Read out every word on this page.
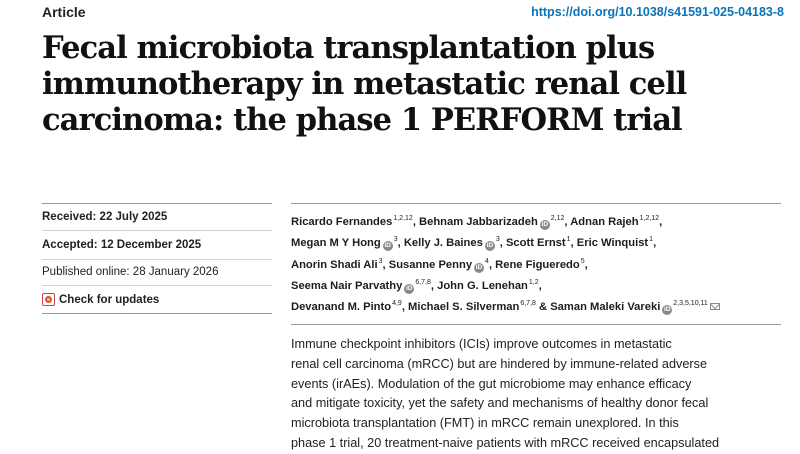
Article	https://doi.org/10.1038/s41591-025-04183-8
Fecal microbiota transplantation plus
immunotherapy in metastatic renal cell
carcinoma: the phase 1 PERFORM trial
Received: 22 July 2025
Accepted: 12 December 2025
Published online: 28 January 2026
Check for updates

Ricardo Fernandes$^{1,2,12}$, Behnam Jabbarizadeh iD$^{2,12}$, Adnan Rajeh$^{1,2,12}$,
Megan M Y Hong $iD^3$, Kelly J. Baines $iD^3$, Scott Ernst$^1$, Eric Winquist$^1$,
Anorin Shadi Ali$^3$, Susanne Penny $iD^4$, Rene Figueredo$^5$,
Seema Nair Parvathy iD$^{6,7,8}$, John G. Lenehan$^{1,2}$,
Devanand M. Pinto$^{4,9}$, Michael S. Silverman$^{6,7,8}$ & Saman Maleki Vareki iD$^{2,3,5,10,11}$

Immune checkpoint inhibitors (ICIs) improve outcomes in metastatic
renal cell carcinoma (mRCC) but are hindered by immune-related adverse
events (irAEs). Modulation of the gut microbiome may enhance efficacy
and mitigate toxicity, yet the safety and mechanisms of healthy donor fecal
microbiota transplantation (FMT) in mRCC remain unexplored. In this
phase 1 trial, 20 treatment-naive patients with mRCC received encapsulated
